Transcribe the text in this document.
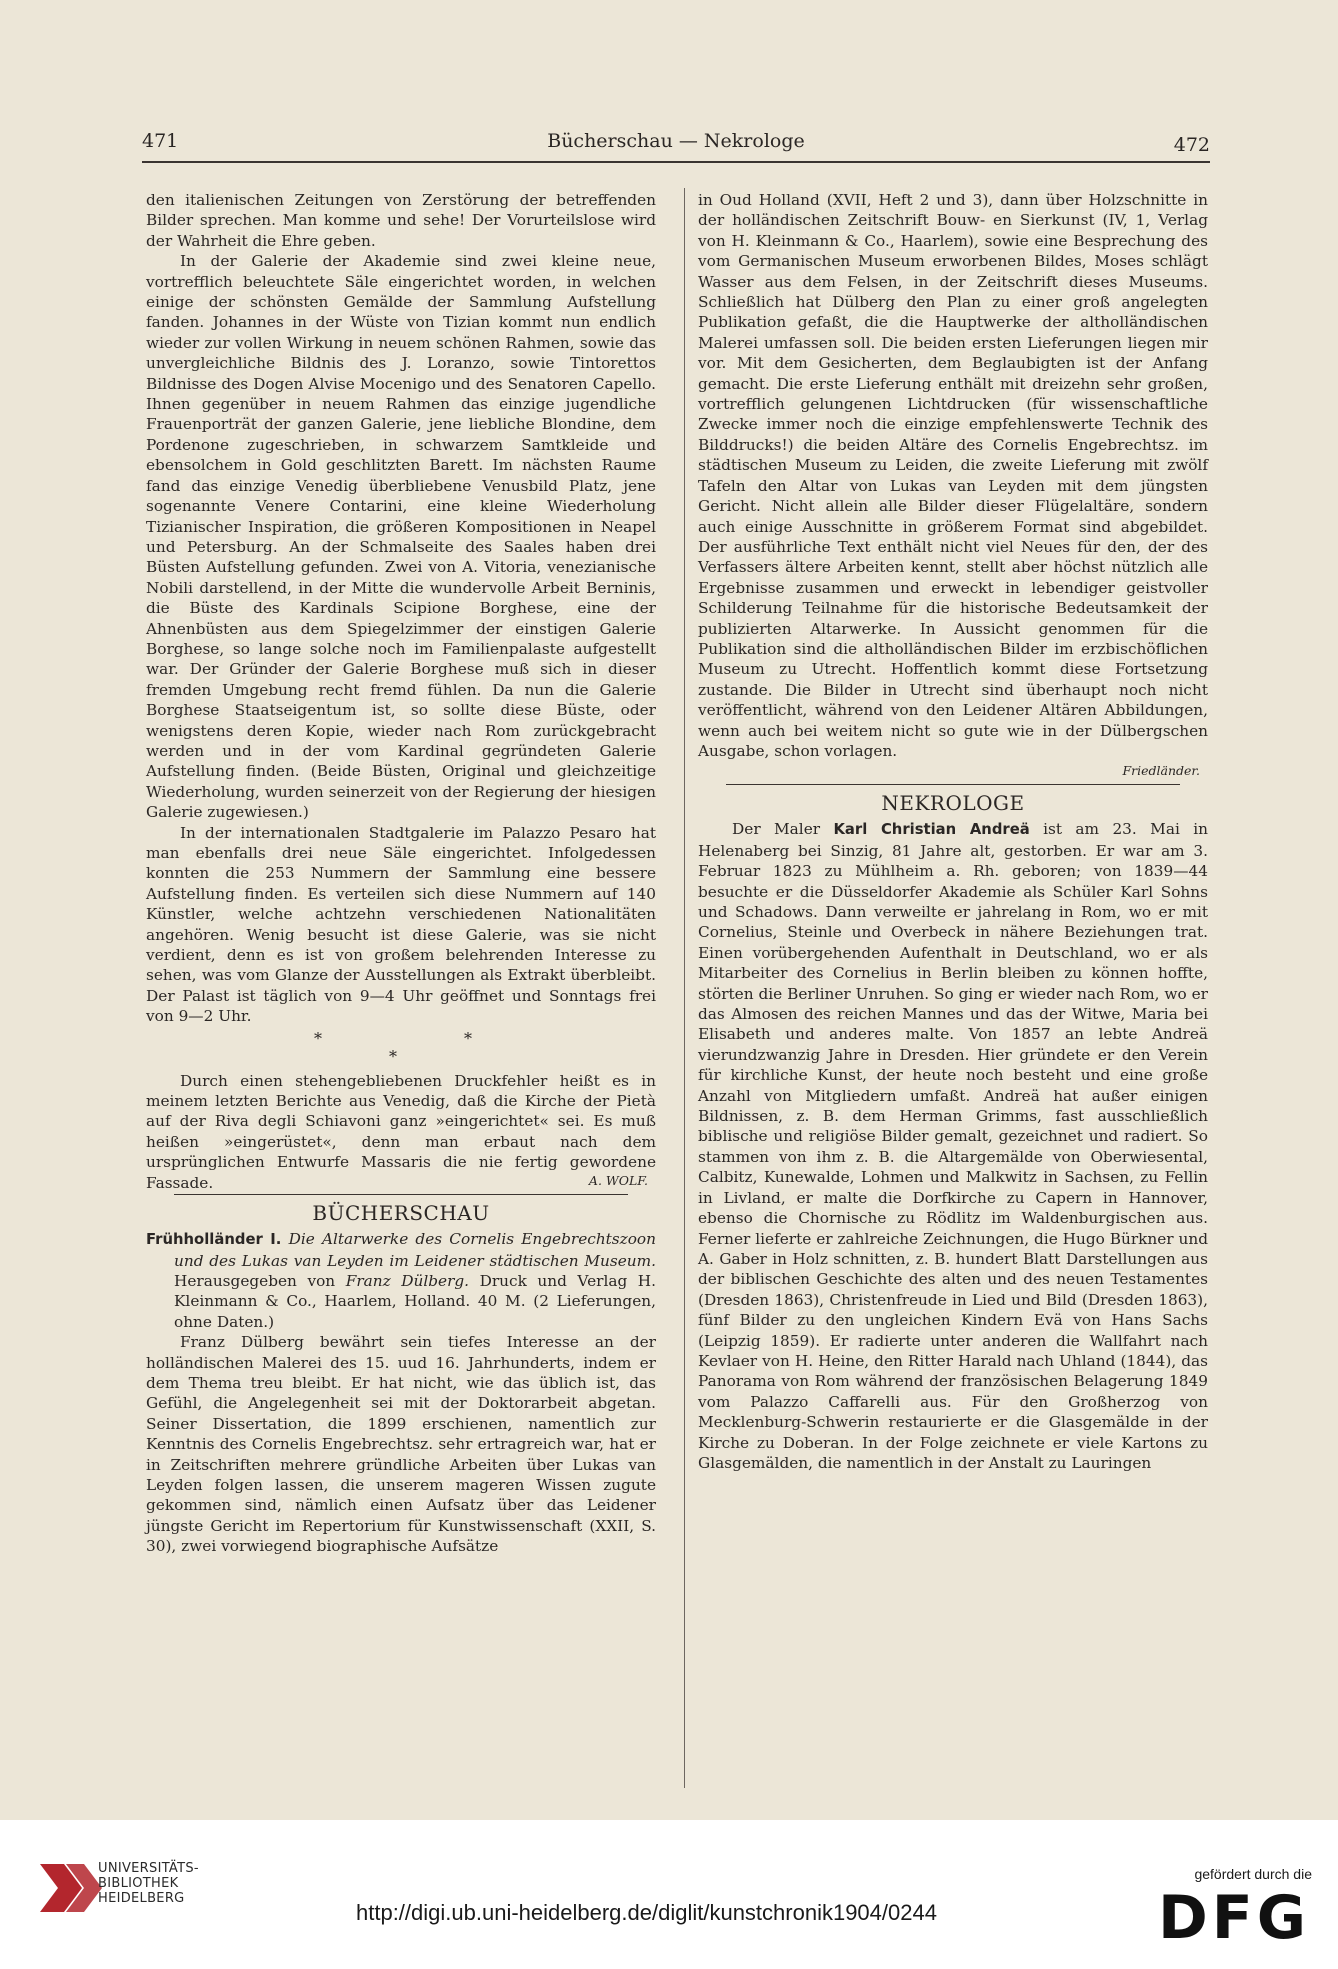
471	Bücherschau — Nekrologe	472

den italienischen Zeitungen von Zerstörung der betreffenden Bilder sprechen. Man komme und sehe! Der Vorurteilslose wird der Wahrheit die Ehre geben.

In der Galerie der Akademie sind zwei kleine neue, vortrefflich beleuchtete Säle eingerichtet worden, in welchen einige der schönsten Gemälde der Sammlung Aufstellung fanden. Johannes in der Wüste von Tizian kommt nun endlich wieder zur vollen Wirkung in neuem schönen Rahmen, sowie das unvergleichliche Bildnis des J. Loranzo, sowie Tintorettos Bildnisse des Dogen Alvise Mocenigo und des Senatoren Capello. Ihnen gegenüber in neuem Rahmen das einzige jugendliche Frauenporträt der ganzen Galerie, jene liebliche Blondine, dem Pordenone zugeschrieben, in schwarzem Samtkleide und ebensolchem in Gold geschlitzten Barett. Im nächsten Raume fand das einzige Venedig überbliebene Venusbild Platz, jene sogenannte Venere Contarini, eine kleine Wiederholung Tizianischer Inspiration, die größeren Kompositionen in Neapel und Petersburg. An der Schmalseite des Saales haben drei Büsten Aufstellung gefunden. Zwei von A. Vitoria, venezianische Nobili darstellend, in der Mitte die wundervolle Arbeit Berninis, die Büste des Kardinals Scipione Borghese, eine der Ahnenbüsten aus dem Spiegelzimmer der einstigen Galerie Borghese, so lange solche noch im Familienpalaste aufgestellt war. Der Gründer der Galerie Borghese muß sich in dieser fremden Umgebung recht fremd fühlen. Da nun die Galerie Borghese Staatseigentum ist, so sollte diese Büste, oder wenigstens deren Kopie, wieder nach Rom zurückgebracht werden und in der vom Kardinal gegründeten Galerie Aufstellung finden. (Beide Büsten, Original und gleichzeitige Wiederholung, wurden seinerzeit von der Regierung der hiesigen Galerie zugewiesen.)

In der internationalen Stadtgalerie im Palazzo Pesaro hat man ebenfalls drei neue Säle eingerichtet. Infolgedessen konnten die 253 Nummern der Sammlung eine bessere Aufstellung finden. Es verteilen sich diese Nummern auf 140 Künstler, welche achtzehn verschiedenen Nationalitäten angehören. Wenig besucht ist diese Galerie, was sie nicht verdient, denn es ist von großem belehrenden Interesse zu sehen, was vom Glanze der Ausstellungen als Extrakt überbleibt. Der Palast ist täglich von 9—4 Uhr geöffnet und Sonntags frei von 9—2 Uhr.

*	*
*

Durch einen stehengebliebenen Druckfehler heißt es in meinem letzten Berichte aus Venedig, daß die Kirche der Pietà auf der Riva degli Schiavoni ganz »eingerichtet« sei. Es muß heißen »eingerüstet«, denn man erbaut nach dem ursprünglichen Entwurfe Massaris die nie fertig gewordene Fassade.	A. WOLF.
BÜCHERSCHAU

Frühholländer I. Die Altarwerke des Cornelis Engebrechtszoon und des Lukas van Leyden im Leidener städtischen Museum. Herausgegeben von Franz Dülberg. Druck und Verlag H. Kleinmann & Co., Haarlem, Holland. 40 M. (2 Lieferungen, ohne Daten.)

Franz Dülberg bewährt sein tiefes Interesse an der holländischen Malerei des 15. uud 16. Jahrhunderts, indem er dem Thema treu bleibt. Er hat nicht, wie das üblich ist, das Gefühl, die Angelegenheit sei mit der Doktorarbeit abgetan. Seiner Dissertation, die 1899 erschienen, namentlich zur Kenntnis des Cornelis Engebrechtsz. sehr ertragreich war, hat er in Zeitschriften mehrere gründliche Arbeiten über Lukas van Leyden folgen lassen, die unserem mageren Wissen zugute gekommen sind, nämlich einen Aufsatz über das Leidener jüngste Gericht im Repertorium für Kunstwissenschaft (XXII, S. 30), zwei vorwiegend biographische Aufsätze

in Oud Holland (XVII, Heft 2 und 3), dann über Holzschnitte in der holländischen Zeitschrift Bouw- en Sierkunst (IV, 1, Verlag von H. Kleinmann & Co., Haarlem), sowie eine Besprechung des vom Germanischen Museum erworbenen Bildes, Moses schlägt Wasser aus dem Felsen, in der Zeitschrift dieses Museums. Schließlich hat Dülberg den Plan zu einer groß angelegten Publikation gefaßt, die die Hauptwerke der altholländischen Malerei umfassen soll. Die beiden ersten Lieferungen liegen mir vor. Mit dem Gesicherten, dem Beglaubigten ist der Anfang gemacht. Die erste Lieferung enthält mit dreizehn sehr großen, vortrefflich gelungenen Lichtdrucken (für wissenschaftliche Zwecke immer noch die einzige empfehlenswerte Technik des Bilddrucks!) die beiden Altäre des Cornelis Engebrechtsz. im städtischen Museum zu Leiden, die zweite Lieferung mit zwölf Tafeln den Altar von Lukas van Leyden mit dem jüngsten Gericht. Nicht allein alle Bilder dieser Flügelaltäre, sondern auch einige Ausschnitte in größerem Format sind abgebildet. Der ausführliche Text enthält nicht viel Neues für den, der des Verfassers ältere Arbeiten kennt, stellt aber höchst nützlich alle Ergebnisse zusammen und erweckt in lebendiger geistvoller Schilderung Teilnahme für die historische Bedeutsamkeit der publizierten Altarwerke. In Aussicht genommen für die Publikation sind die altholländischen Bilder im erzbischöflichen Museum zu Utrecht. Hoffentlich kommt diese Fortsetzung zustande. Die Bilder in Utrecht sind überhaupt noch nicht veröffentlicht, während von den Leidener Altären Abbildungen, wenn auch bei weitem nicht so gute wie in der Dülbergschen Ausgabe, schon vorlagen.

Friedländer.
NEKROLOGE

Der Maler Karl Christian Andreä ist am 23. Mai in Helenaberg bei Sinzig, 81 Jahre alt, gestorben. Er war am 3. Februar 1823 zu Mühlheim a. Rh. geboren; von 1839—44 besuchte er die Düsseldorfer Akademie als Schüler Karl Sohns und Schadows. Dann verweilte er jahrelang in Rom, wo er mit Cornelius, Steinle und Overbeck in nähere Beziehungen trat. Einen vorübergehenden Aufenthalt in Deutschland, wo er als Mitarbeiter des Cornelius in Berlin bleiben zu können hoffte, störten die Berliner Unruhen. So ging er wieder nach Rom, wo er das Almosen des reichen Mannes und das der Witwe, Maria bei Elisabeth und anderes malte. Von 1857 an lebte Andreä vierundzwanzig Jahre in Dresden. Hier gründete er den Verein für kirchliche Kunst, der heute noch besteht und eine große Anzahl von Mitgliedern umfaßt. Andreä hat außer einigen Bildnissen, z. B. dem Herman Grimms, fast ausschließlich biblische und religiöse Bilder gemalt, gezeichnet und radiert. So stammen von ihm z. B. die Altargemälde von Oberwiesental, Calbitz, Kunewalde, Lohmen und Malkwitz in Sachsen, zu Fellin in Livland, er malte die Dorfkirche zu Capern in Hannover, ebenso die Chornische zu Rödlitz im Waldenburgischen aus. Ferner lieferte er zahlreiche Zeichnungen, die Hugo Bürkner und A. Gaber in Holz schnitten, z. B. hundert Blatt Darstellungen aus der biblischen Geschichte des alten und des neuen Testamentes (Dresden 1863), Christenfreude in Lied und Bild (Dresden 1863), fünf Bilder zu den ungleichen Kindern Evä von Hans Sachs (Leipzig 1859). Er radierte unter anderen die Wallfahrt nach Kevlaer von H. Heine, den Ritter Harald nach Uhland (1844), das Panorama von Rom während der französischen Belagerung 1849 vom Palazzo Caffarelli aus. Für den Großherzog von Mecklenburg-Schwerin restaurierte er die Glasgemälde in der Kirche zu Doberan. In der Folge zeichnete er viele Kartons zu Glasgemälden, die namentlich in der Anstalt zu Lauringen

UNIVERSITÄTS-
BIBLIOTHEK
HEIDELBERG
http://digi.ub.uni-heidelberg.de/diglit/kunstchronik1904/0244
gefördert durch die
DFG
